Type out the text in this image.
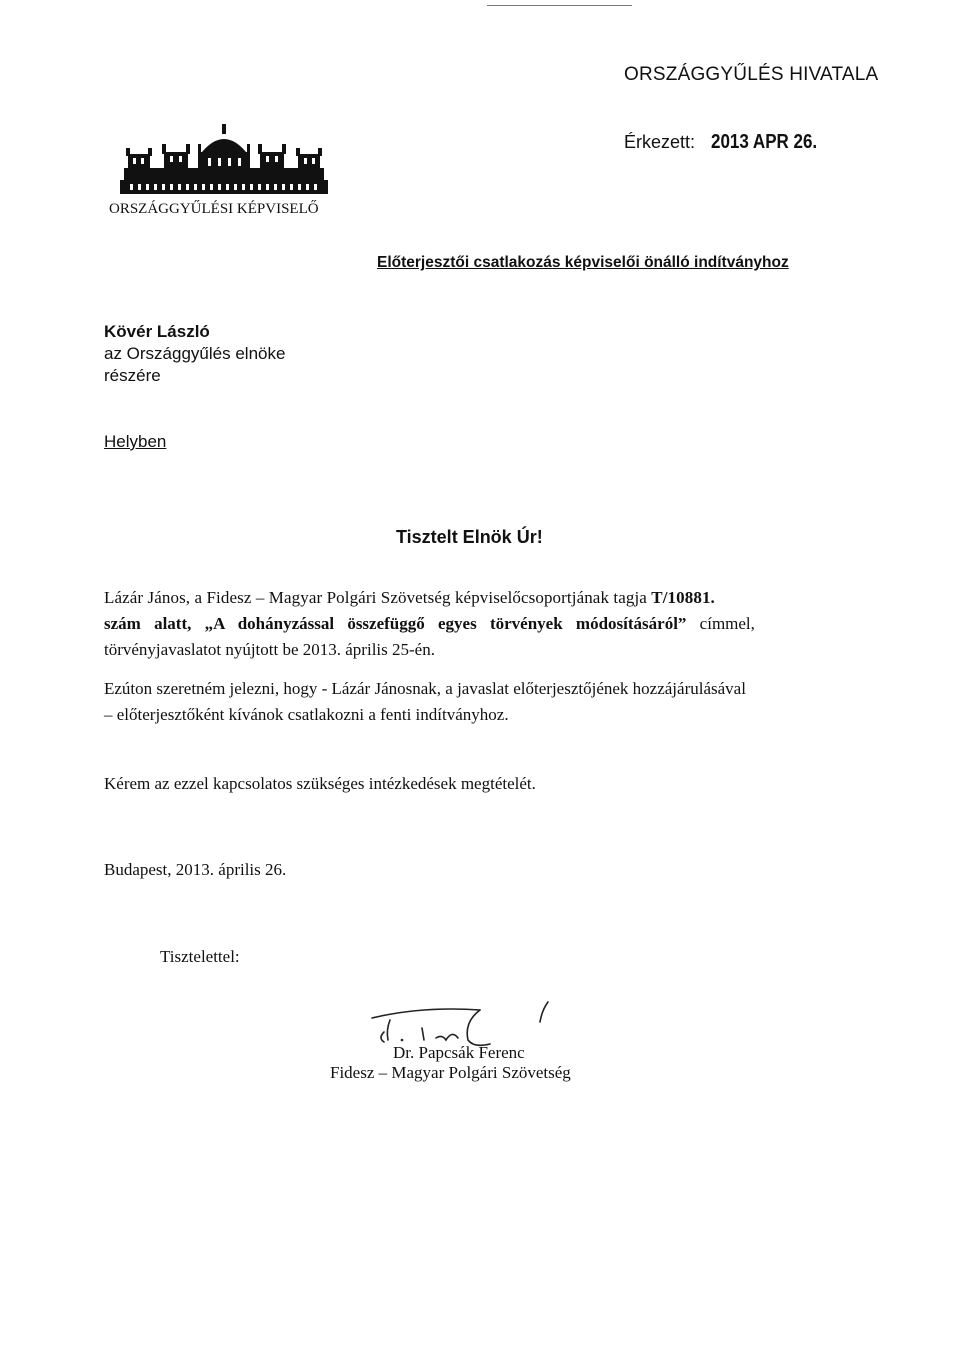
ORSZÁGGYŰLÉS HIVATALA
Érkezett: 2013 APR 26.
ORSZÁGGYŰLÉSI KÉPVISELŐ
Előterjesztői csatlakozás képviselői önálló indítványhoz
Kövér László
az Országgyűlés elnöke
részére
Helyben
Tisztelt Elnök Úr!
Lázár János, a Fidesz – Magyar Polgári Szövetség képviselőcsoportjának tagja T/10881.
szám alatt, „A dohányzással összefüggő egyes törvények módosításáról” címmel,
törvényjavaslatot nyújtott be 2013. április 25-én.
Ezúton szeretném jelezni, hogy - Lázár Jánosnak, a javaslat előterjesztőjének hozzájárulásával
– előterjesztőként kívánok csatlakozni a fenti indítványhoz.
Kérem az ezzel kapcsolatos szükséges intézkedések megtételét.
Budapest, 2013. április 26.
Tisztelettel:
Dr. Papcsák Ferenc
Fidesz – Magyar Polgári Szövetség
